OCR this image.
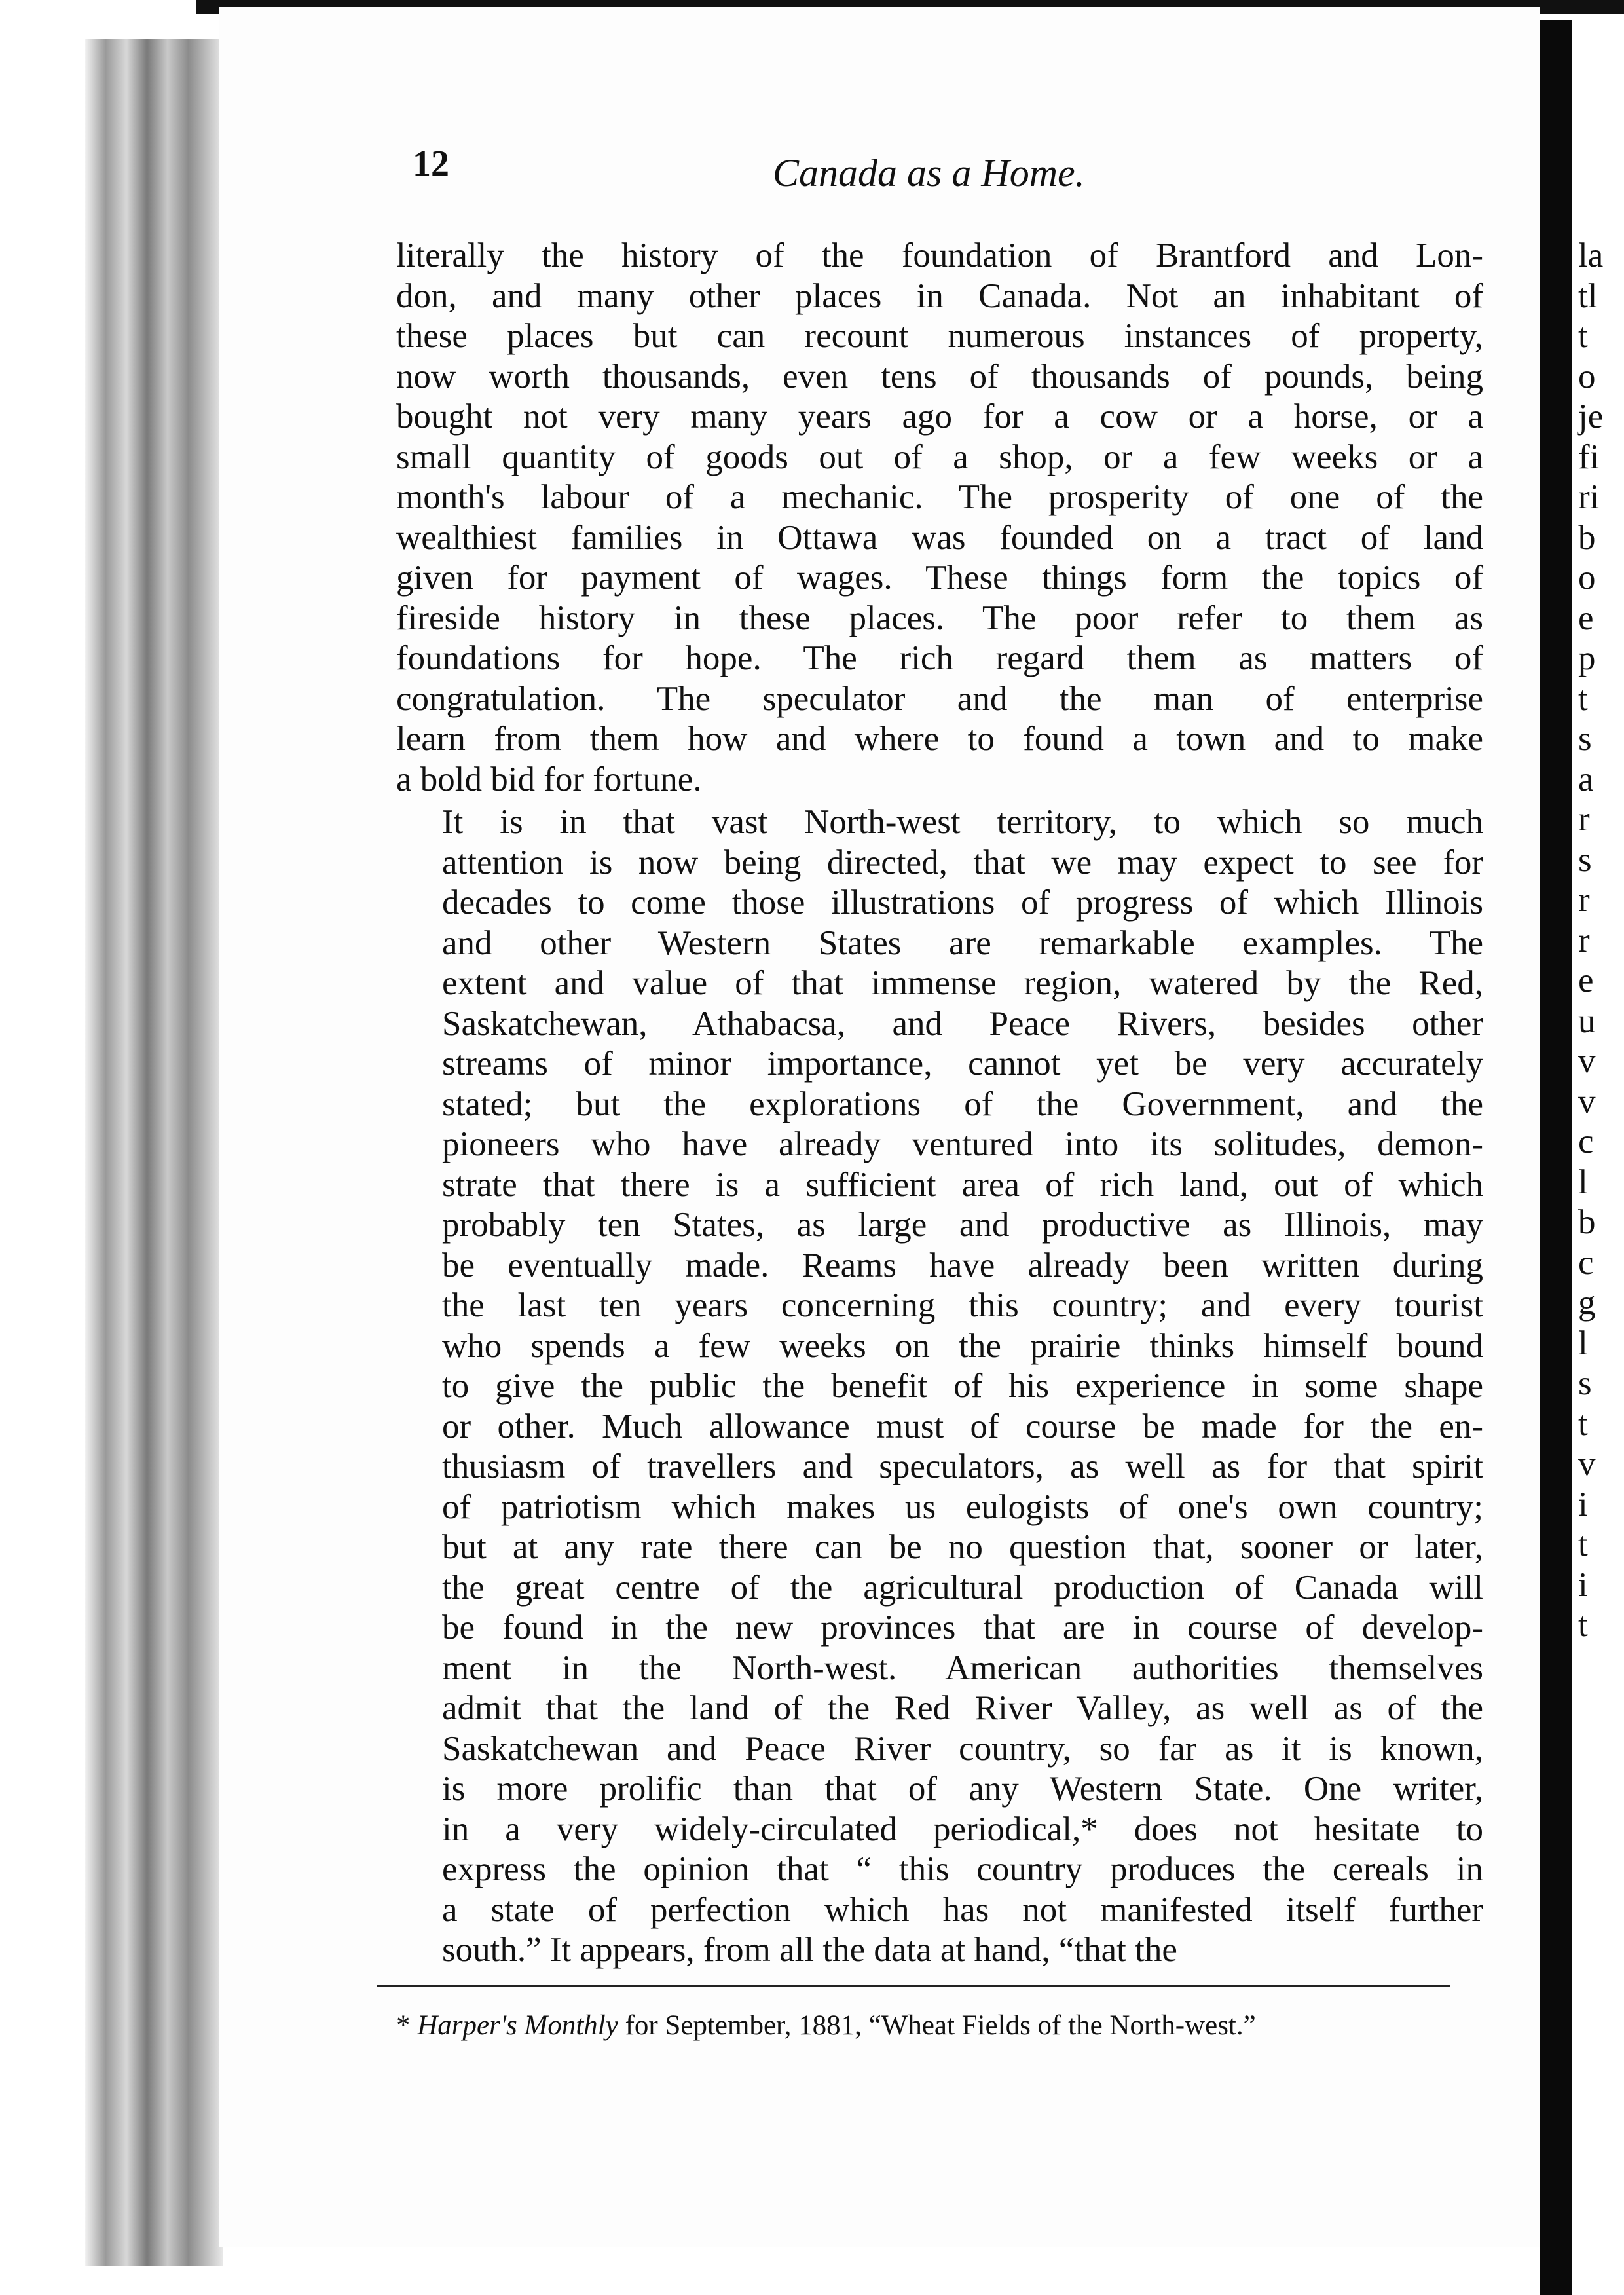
12	Canada as a Home.

literally the history of the foundation of Brantford and Lon-
don, and many other places in Canada. Not an inhabitant of
these places but can recount numerous instances of property,
now worth thousands, even tens of thousands of pounds, being
bought not very many years ago for a cow or a horse, or a
small quantity of goods out of a shop, or a few weeks or a
month's labour of a mechanic. The prosperity of one of the
wealthiest families in Ottawa was founded on a tract of land
given for payment of wages. These things form the topics of
fireside history in these places. The poor refer to them as
foundations for hope. The rich regard them as matters of
congratulation. The speculator and the man of enterprise
learn from them how and where to found a town and to make
a bold bid for fortune.

It is in that vast North-west territory, to which so much
attention is now being directed, that we may expect to see for
decades to come those illustrations of progress of which Illinois
and other Western States are remarkable examples. The
extent and value of that immense region, watered by the Red,
Saskatchewan, Athabacsa, and Peace Rivers, besides other
streams of minor importance, cannot yet be very accurately
stated; but the explorations of the Government, and the
pioneers who have already ventured into its solitudes, demon-
strate that there is a sufficient area of rich land, out of which
probably ten States, as large and productive as Illinois, may
be eventually made. Reams have already been written during
the last ten years concerning this country; and every tourist
who spends a few weeks on the prairie thinks himself bound
to give the public the benefit of his experience in some shape
or other. Much allowance must of course be made for the en-
thusiasm of travellers and speculators, as well as for that spirit
of patriotism which makes us eulogists of one's own country;
but at any rate there can be no question that, sooner or later,
the great centre of the agricultural production of Canada will
be found in the new provinces that are in course of develop-
ment in the North-west. American authorities themselves
admit that the land of the Red River Valley, as well as of the
Saskatchewan and Peace River country, so far as it is known,
is more prolific than that of any Western State. One writer,
in a very widely-circulated periodical,* does not hesitate to
express the opinion that “ this country produces the cereals in
a state of perfection which has not manifested itself further
south.” It appears, from all the data at hand, “that the

* Harper's Monthly for September, 1881, “Wheat Fields of the North-west.”
la
tl
t
o
je
fi
ri
b
o
e
p
t
s
a
r
s
r
r
e
u
v
v
c
l
b
c
g
l
s
t
v
i
t
i
t
